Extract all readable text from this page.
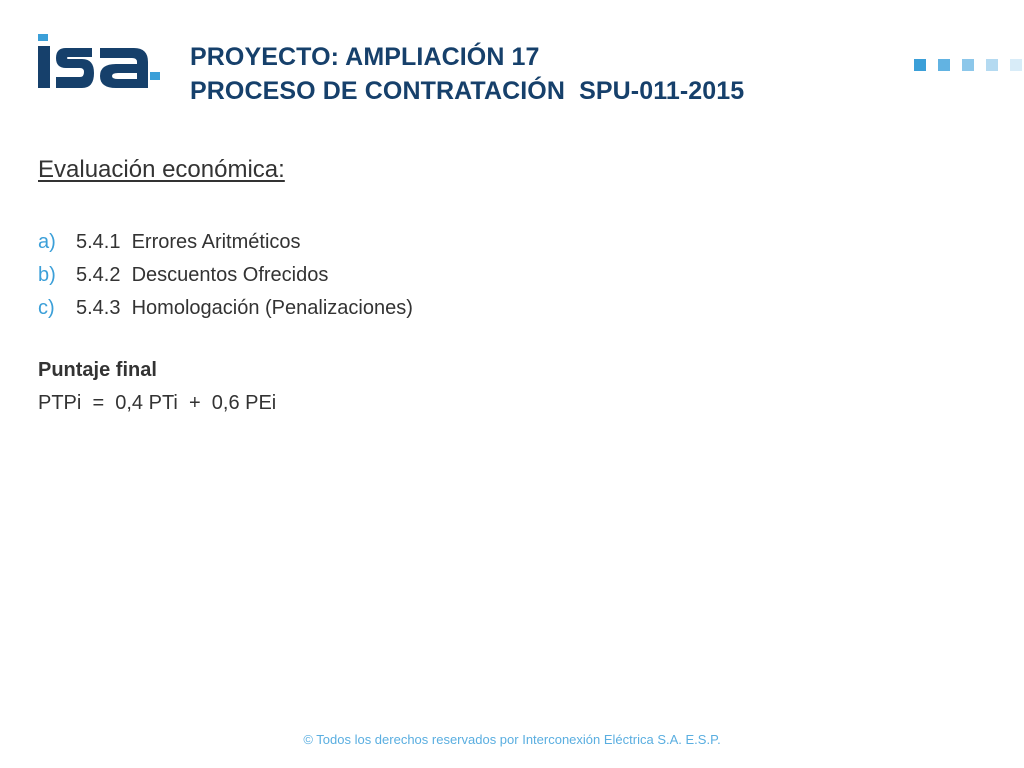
PROYECTO: AMPLIACIÓN 17
PROCESO DE CONTRATACIÓN  SPU-011-2015
Evaluación económica:
a) 5.4.1  Errores Aritméticos
b) 5.4.2  Descuentos Ofrecidos
c) 5.4.3  Homologación (Penalizaciones)
Puntaje final
PTPi  =  0,4 PTi  +  0,6 PEi
© Todos los derechos reservados por Interconexión Eléctrica S.A. E.S.P.
